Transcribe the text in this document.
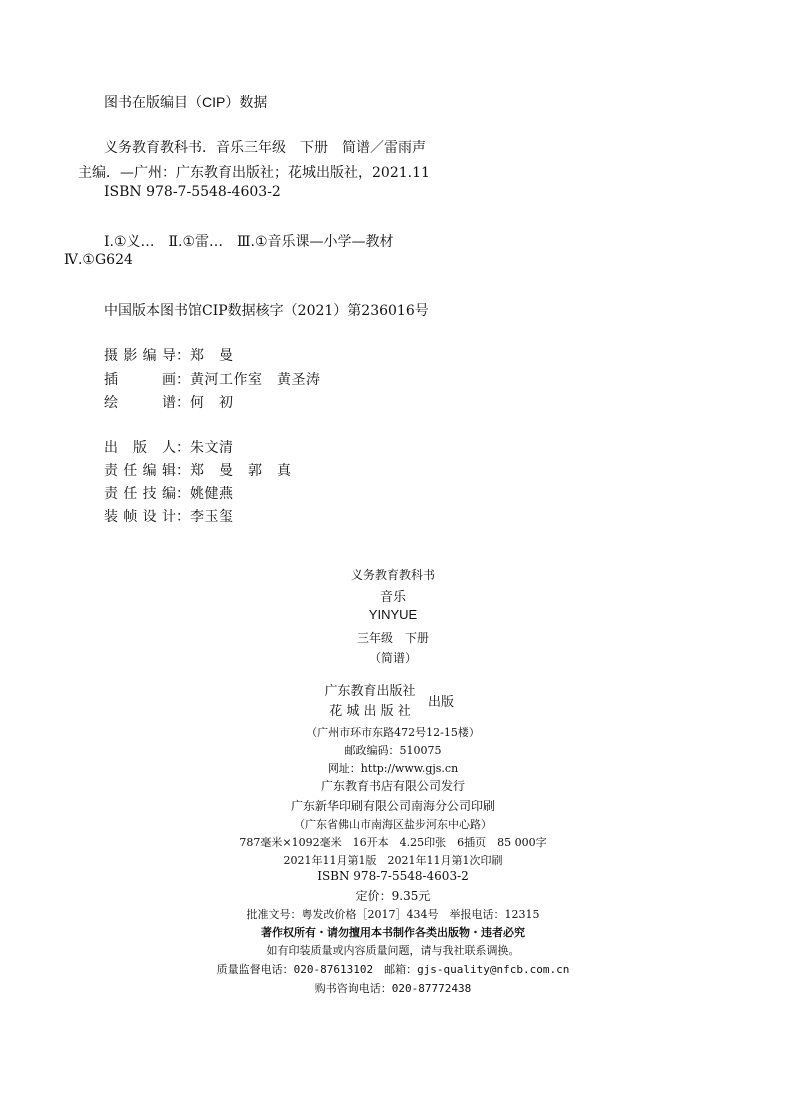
图书在版编目（CIP）数据
义务教育教科书．音乐三年级　下册　简谱／雷雨声
主编．—广州：广东教育出版社；花城出版社，2021.11
ISBN 978-7-5548-4603-2
Ⅰ.①义…　Ⅱ.①雷…　Ⅲ.①音乐课—小学—教材
Ⅳ.①G624
中国版本图书馆CIP数据核字（2021）第236016号
摄影编导：郑　曼
插画：黄河工作室　黄圣涛
绘谱：何　初
出版人：朱文清
责任编辑：郑　曼　郭　真
责任技编：姚健燕
装帧设计：李玉玺
义务教育教科书
音乐
YINYUE
三年级　下册
（简谱）
广东教育出版社
花 城 出 版 社
出版
（广州市环市东路472号12-15楼）
邮政编码：510075
网址：http://www.gjs.cn
广东教育书店有限公司发行
广东新华印刷有限公司南海分公司印刷
（广东省佛山市南海区盐步河东中心路）
787毫米×1092毫米　16开本　4.25印张　6插页　85 000字
2021年11月第1版　2021年11月第1次印刷
ISBN 978-7-5548-4603-2
定价：9.35元
批准文号：粤发改价格［2017］434号　举报电话：12315
著作权所有・请勿擅用本书制作各类出版物・违者必究
如有印装质量或内容质量问题，请与我社联系调换。
质量监督电话：020-87613102　邮箱：gjs-quality@nfcb.com.cn
购书咨询电话：020-87772438
